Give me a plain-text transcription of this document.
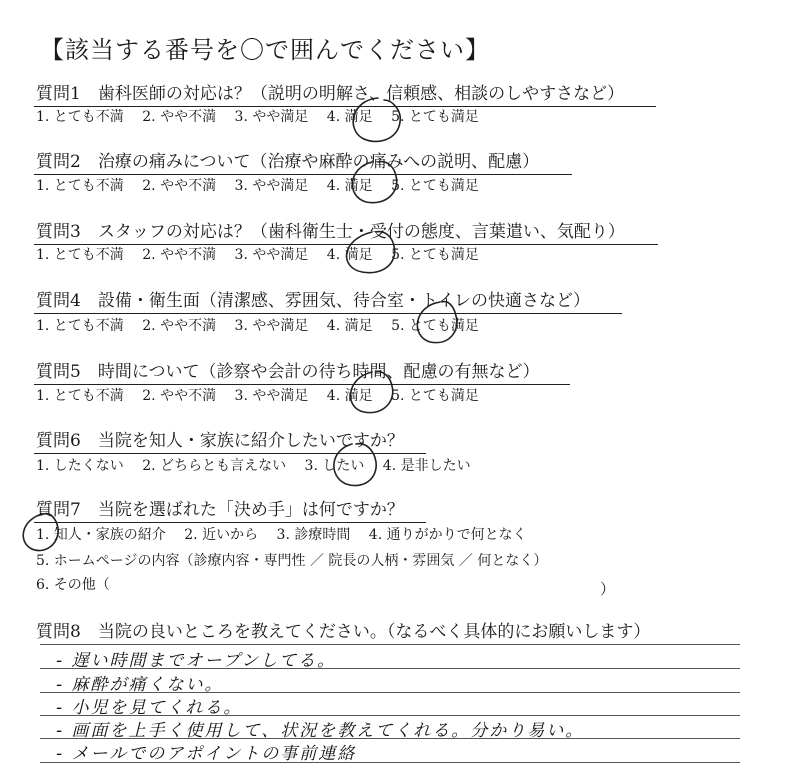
【該当する番号を〇で囲んでください】
質問1　歯科医師の対応は？（説明の明解さ、信頼感、相談のしやすさなど）
1. とても不満 2. やや不満 3. やや満足 4. 満足 5. とても満足
質問2　治療の痛みについて（治療や麻酔の痛みへの説明、配慮）
1. とても不満 2. やや不満 3. やや満足 4. 満足 5. とても満足
質問3　スタッフの対応は？（歯科衛生士・受付の態度、言葉遣い、気配り）
1. とても不満 2. やや不満 3. やや満足 4. 満足 5. とても満足
質問4　設備・衛生面（清潔感、雰囲気、待合室・トイレの快適さなど）
1. とても不満 2. やや不満 3. やや満足 4. 満足 5. とても満足
質問5　時間について（診察や会計の待ち時間、配慮の有無など）
1. とても不満 2. やや不満 3. やや満足 4. 満足 5. とても満足
質問6　当院を知人・家族に紹介したいですか？
1. したくない 2. どちらとも言えない 3. したい 4. 是非したい
質問7　当院を選ばれた「決め手」は何ですか？
1. 知人・家族の紹介 2. 近いから 3. 診療時間 4. 通りがかりで何となく
5. ホームページの内容（診療内容・専門性 ／ 院長の人柄・雰囲気 ／ 何となく）
6. その他（	）
質問8　当院の良いところを教えてください。（なるべく具体的にお願いします）
- 遅い時間までオープンしてる。
- 麻酔が痛くない。
- 小児を見てくれる。
- 画面を上手く使用して、状況を教えてくれる。分かり易い。
- メールでのアポイントの事前連絡
